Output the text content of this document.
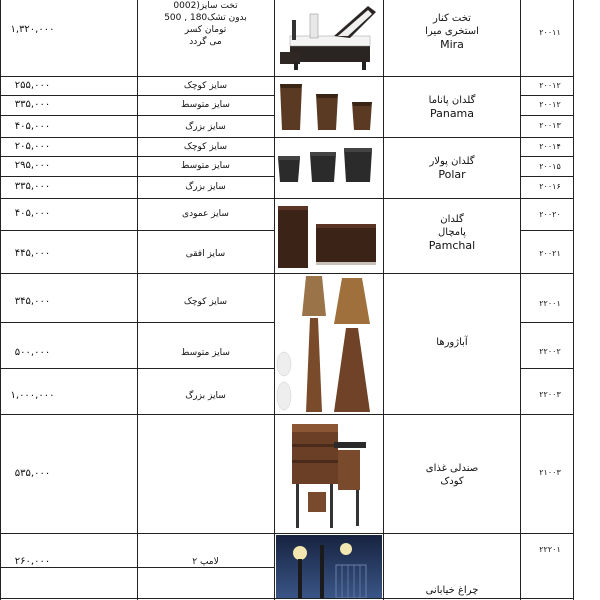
۱,۳۲۰,۰۰۰
000تخت سایز(2
بدون تشک180 , 500
تومان کسر
می گردد
تخت کنار استخری میرا
Mira
۲۰۰۱۱
۲۵۵,۰۰۰
۳۳۵,۰۰۰
۴۰۵,۰۰۰
سایز کوچک
سایز متوسط
سایز بزرگ
گلدان پاناما
Panama
۲۰۰۱۲
۲۰۰۱۲
۲۰۰۱۳
۲۰۵,۰۰۰
۲۹۵,۰۰۰
۳۳۵,۰۰۰
سایز کوچک
سایز متوسط
سایز بزرگ
گلدان پولار
Polar
۲۰۰۱۴
۲۰۰۱۵
۲۰۰۱۶
۴۰۵,۰۰۰
۴۴۵,۰۰۰
سایز عمودی
سایز افقی
گلدان پامچال
Pamchal
۲۰۰۲۰
۲۰۰۲۱
۳۴۵,۰۰۰
۵۰۰,۰۰۰
۱,۰۰۰,۰۰۰
سایز کوچک
سایز متوسط
سایز بزرگ
آباژورها
۲۲۰۰۱
۲۲۰۰۲
۲۲۰۰۳
۵۳۵,۰۰۰	صندلی غذای کودک
۲۱۰۰۳
۲۶۰,۰۰۰	۲ لامپ
چراغ خیابانی
۲۲۲۰۱
